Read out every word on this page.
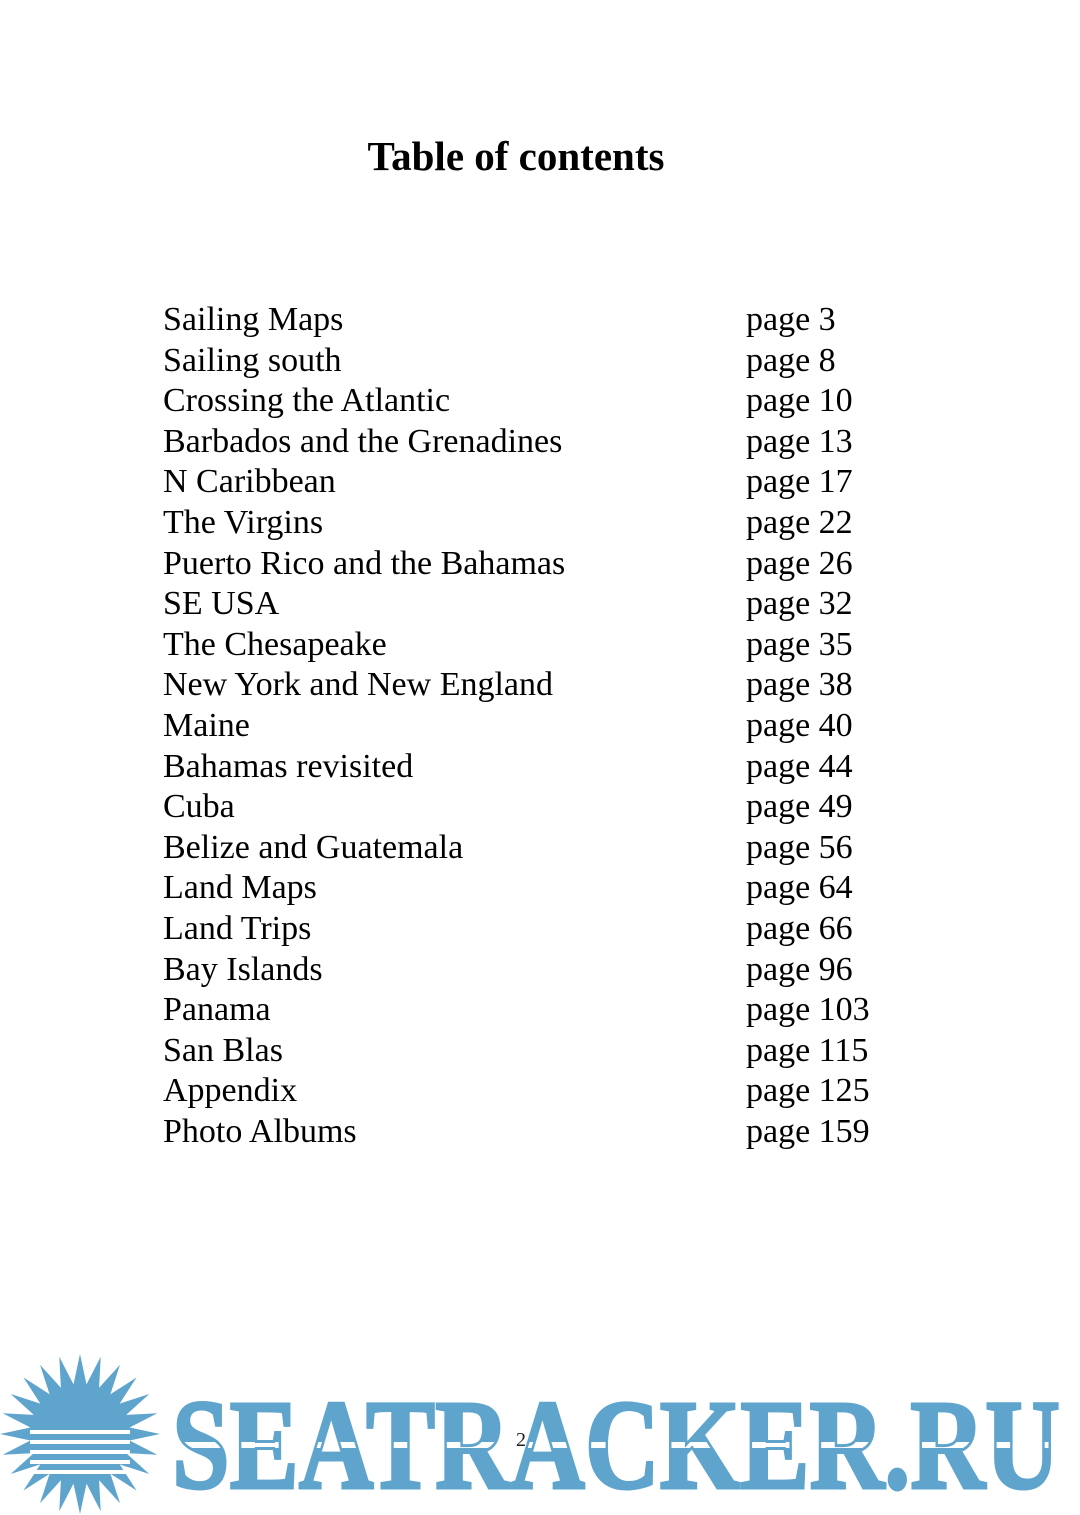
Table of contents
Sailing Maps	page 3
Sailing south	page 8
Crossing the Atlantic	page 10
Barbados and the Grenadines	page 13
N Caribbean	page 17
The Virgins	page 22
Puerto Rico and the Bahamas	page 26
SE USA	page 32
The Chesapeake	page 35
New York and New England	page 38
Maine	page 40
Bahamas revisited	page 44
Cuba	page 49
Belize and Guatemala	page 56
Land Maps	page 64
Land Trips	page 66
Bay Islands	page 96
Panama	page 103
San Blas	page 115
Appendix	page 125
Photo Albums	page 159
SEATRACKER.RU
2
